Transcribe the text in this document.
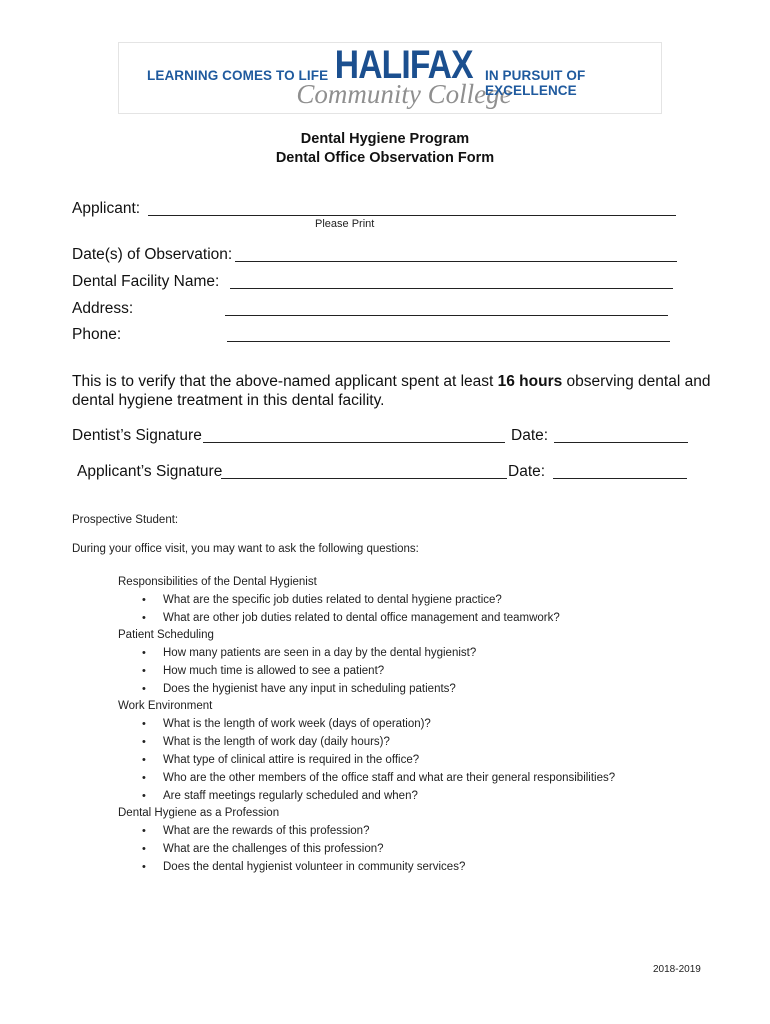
LEARNING COMES TO LIFE HALIFAX
Community College
IN PURSUIT OF EXCELLENCE
Dental Hygiene Program
Dental Office Observation Form
Applicant:
Please Print
Date(s) of Observation:
Dental Facility Name:
Address:
Phone:
This is to verify that the above-named applicant spent at least 16 hours observing dental and dental hygiene treatment in this dental facility.
Dentist’s Signature	Date:
Applicant’s Signature	Date:
Prospective Student:
During your office visit, you may want to ask the following questions:
Responsibilities of the Dental Hygienist
• What are the specific job duties related to dental hygiene practice?
• What are other job duties related to dental office management and teamwork?
Patient Scheduling
• How many patients are seen in a day by the dental hygienist?
• How much time is allowed to see a patient?
• Does the hygienist have any input in scheduling patients?
Work Environment
• What is the length of work week (days of operation)?
• What is the length of work day (daily hours)?
• What type of clinical attire is required in the office?
• Who are the other members of the office staff and what are their general responsibilities?
• Are staff meetings regularly scheduled and when?
Dental Hygiene as a Profession
• What are the rewards of this profession?
• What are the challenges of this profession?
• Does the dental hygienist volunteer in community services?
2018-2019
